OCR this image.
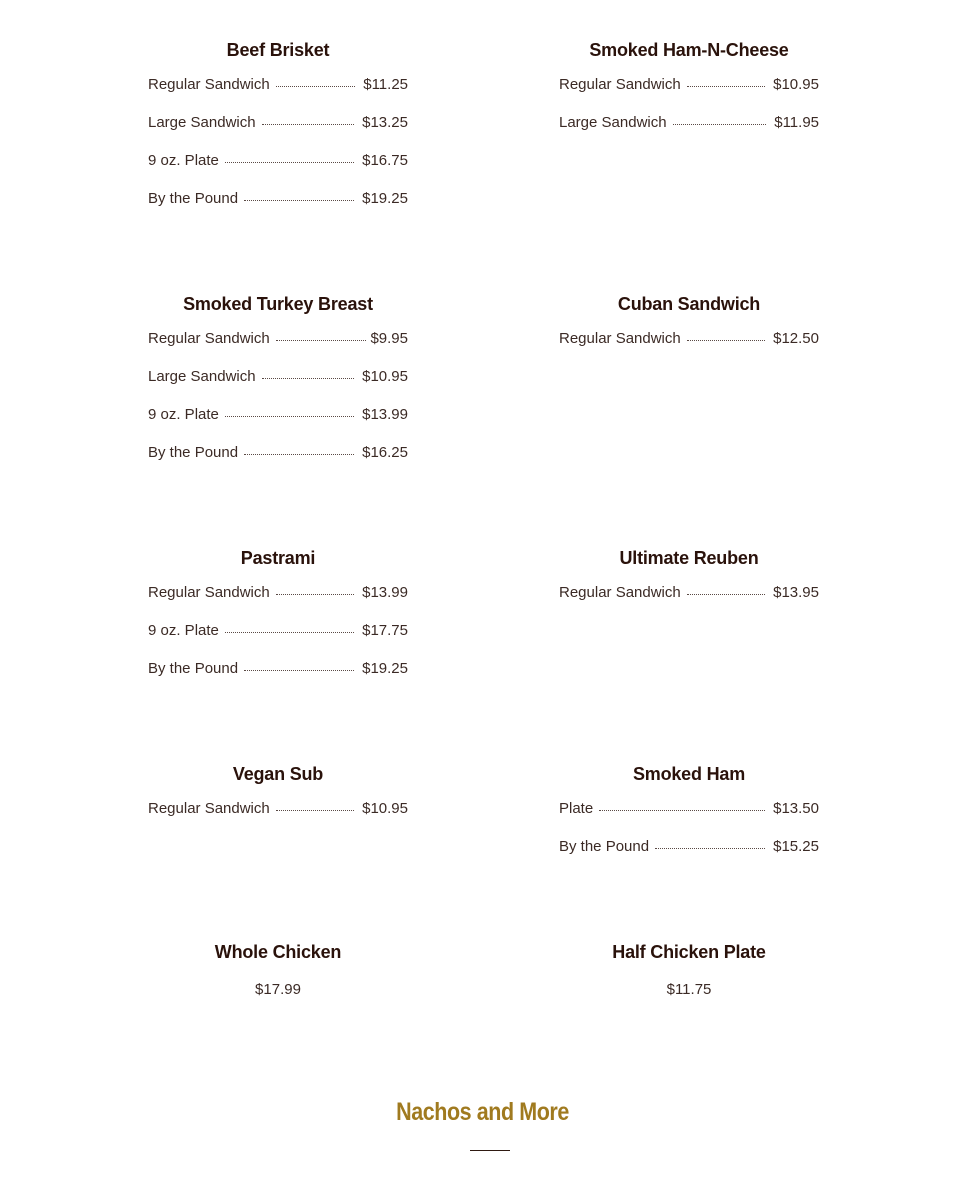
Beef Brisket
Regular Sandwich	$11.25
Large Sandwich	$13.25
9 oz. Plate	$16.75
By the Pound	$19.25
Smoked Ham-N-Cheese
Regular Sandwich	$10.95
Large Sandwich	$11.95
Smoked Turkey Breast
Regular Sandwich	$9.95
Large Sandwich	$10.95
9 oz. Plate	$13.99
By the Pound	$16.25
Cuban Sandwich
Regular Sandwich	$12.50
Pastrami
Regular Sandwich	$13.99
9 oz. Plate	$17.75
By the Pound	$19.25
Ultimate Reuben
Regular Sandwich	$13.95
Vegan Sub
Regular Sandwich	$10.95
Smoked Ham
Plate	$13.50
By the Pound	$15.25
Whole Chicken
$17.99
Half Chicken Plate
$11.75
Nachos and More
